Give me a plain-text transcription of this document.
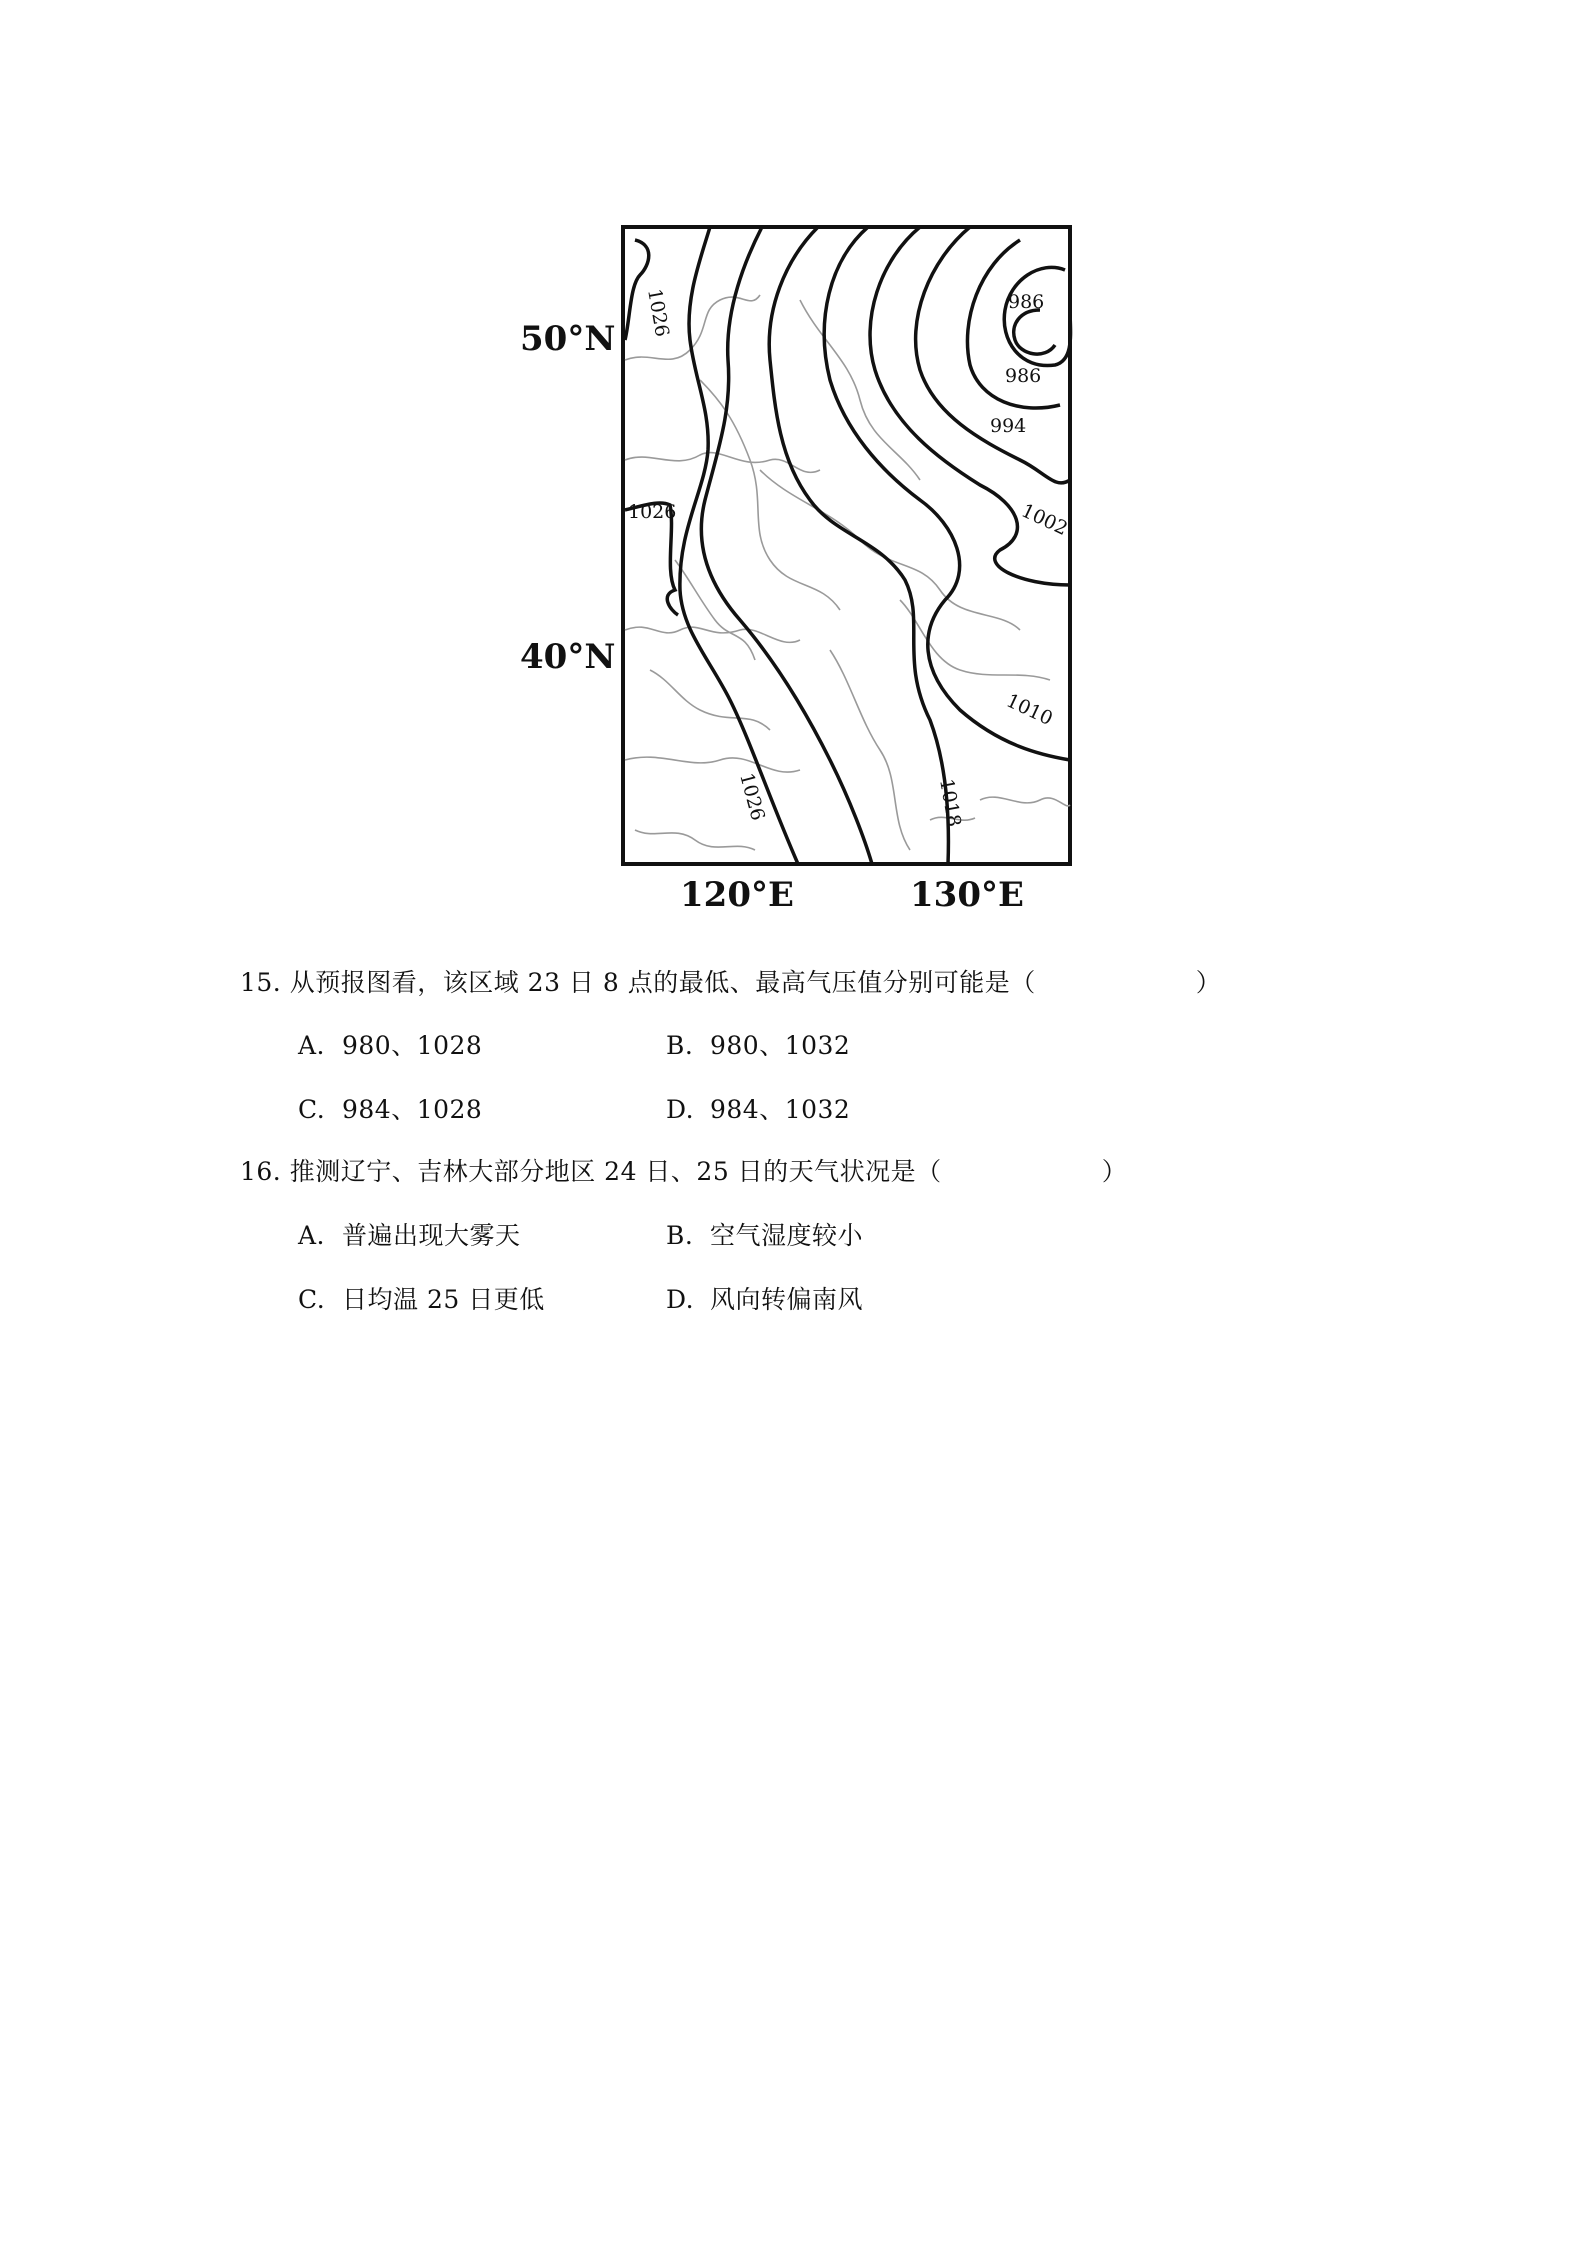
1026
1026
1026
986
986
994
1002
1010
1018
50°N
40°N
120°E	130°E
15. 从预报图看，该区域 23 日 8 点的最低、最高气压值分别可能是（	）
A. 980、1028	B. 980、1032
C. 984、1028	D. 984、1032
16. 推测辽宁、吉林大部分地区 24 日、25 日的天气状况是（	）
A. 普遍出现大雾天	B. 空气湿度较小
C. 日均温 25 日更低	D. 风向转偏南风
